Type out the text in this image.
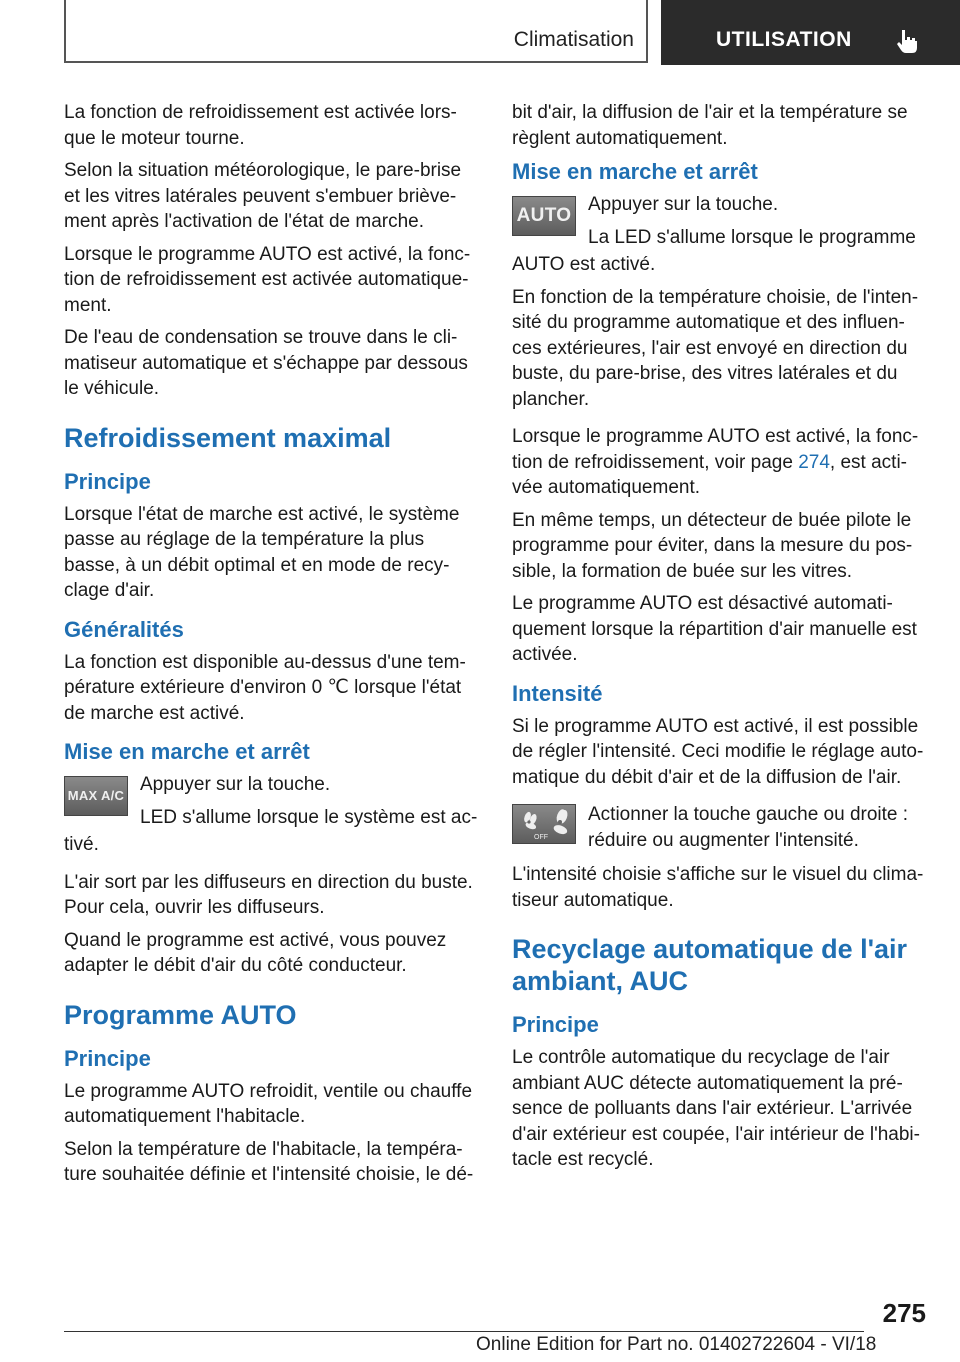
Climatisation	UTILISATION

La fonction de refroidissement est activée lors-que le moteur tourne.

Selon la situation météorologique, le pare-brise et les vitres latérales peuvent s'embuer briève-ment après l'activation de l'état de marche.

Lorsque le programme AUTO est activé, la fonc-tion de refroidissement est activée automatique-ment.

De l'eau de condensation se trouve dans le cli-matiseur automatique et s'échappe par dessous le véhicule.

Refroidissement maximal
Principe

Lorsque l'état de marche est activé, le système passe au réglage de la température la plus basse, à un débit optimal et en mode de recy-clage d'air.

Généralités

La fonction est disponible au-dessus d'une tem-pérature extérieure d'environ 0 ℃ lorsque l'état de marche est activé.

Mise en marche et arrêt
MAX A/C

Appuyer sur la touche.

LED s'allume lorsque le système est ac-

tivé.

L'air sort par les diffuseurs en direction du buste. Pour cela, ouvrir les diffuseurs.

Quand le programme est activé, vous pouvez adapter le débit d'air du côté conducteur.

Programme AUTO
Principe

Le programme AUTO refroidit, ventile ou chauffe automatiquement l'habitacle.

Selon la température de l'habitacle, la tempéra-ture souhaitée définie et l'intensité choisie, le dé-

bit d'air, la diffusion de l'air et la température se règlent automatiquement.

Mise en marche et arrêt
AUTO

Appuyer sur la touche.

La LED s'allume lorsque le programme

AUTO est activé.

En fonction de la température choisie, de l'inten-sité du programme automatique et des influen-ces extérieures, l'air est envoyé en direction du buste, du pare-brise, des vitres latérales et du plancher.

Lorsque le programme AUTO est activé, la fonc-tion de refroidissement, voir page 274, est acti-vée automatiquement.

En même temps, un détecteur de buée pilote le programme pour éviter, dans la mesure du pos-sible, la formation de buée sur les vitres.

Le programme AUTO est désactivé automati-quement lorsque la répartition d'air manuelle est activée.

Intensité

Si le programme AUTO est activé, il est possible de régler l'intensité. Ceci modifie le réglage auto-matique du débit d'air et de la diffusion de l'air.

OFF

Actionner la touche gauche ou droite : réduire ou augmenter l'intensité.

L'intensité choisie s'affiche sur le visuel du clima-tiseur automatique.

Recyclage automatique de l'air ambiant, AUC
Principe

Le contrôle automatique du recyclage de l'air ambiant AUC détecte automatiquement la pré-sence de polluants dans l'air extérieur. L'arrivée d'air extérieur est coupée, l'air intérieur de l'habi-tacle est recyclé.

275
Online Edition for Part no. 01402722604 - VI/18
